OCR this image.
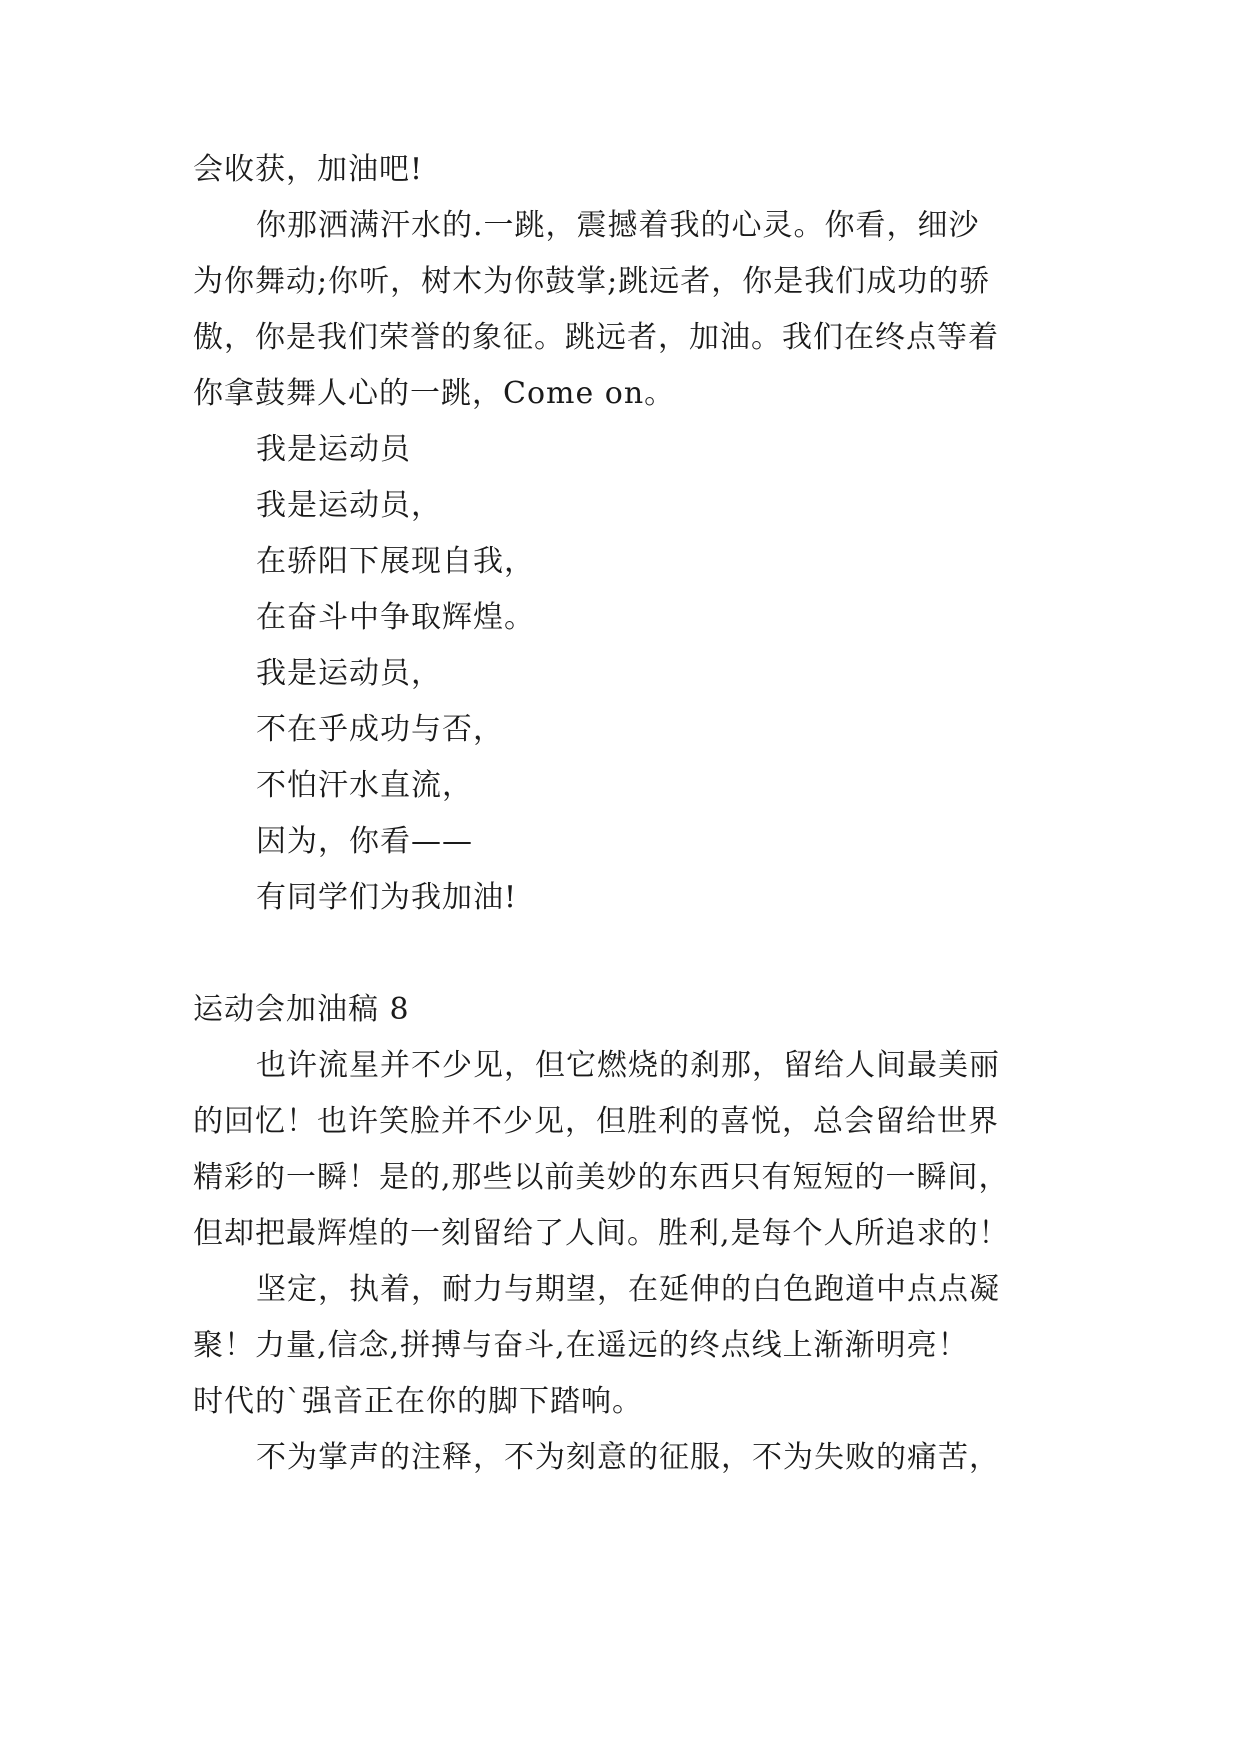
会收获，加油吧!
你那洒满汗水的.一跳，震撼着我的心灵。你看，细沙
为你舞动;你听，树木为你鼓掌;跳远者，你是我们成功的骄
傲，你是我们荣誉的象征。跳远者，加油。我们在终点等着
你拿鼓舞人心的一跳，Come on。
我是运动员
我是运动员，
在骄阳下展现自我，
在奋斗中争取辉煌。
我是运动员，
不在乎成功与否，
不怕汗水直流，
因为，你看——
有同学们为我加油!
运动会加油稿 8
也许流星并不少见，但它燃烧的刹那，留给人间最美丽
的回忆！也许笑脸并不少见，但胜利的喜悦，总会留给世界
精彩的一瞬！是的,那些以前美妙的东西只有短短的一瞬间，
但却把最辉煌的一刻留给了人间。胜利,是每个人所追求的！
坚定，执着，耐力与期望，在延伸的白色跑道中点点凝
聚！力量,信念,拼搏与奋斗,在遥远的终点线上渐渐明亮！
时代的`强音正在你的脚下踏响。
不为掌声的注释，不为刻意的征服，不为失败的痛苦，
